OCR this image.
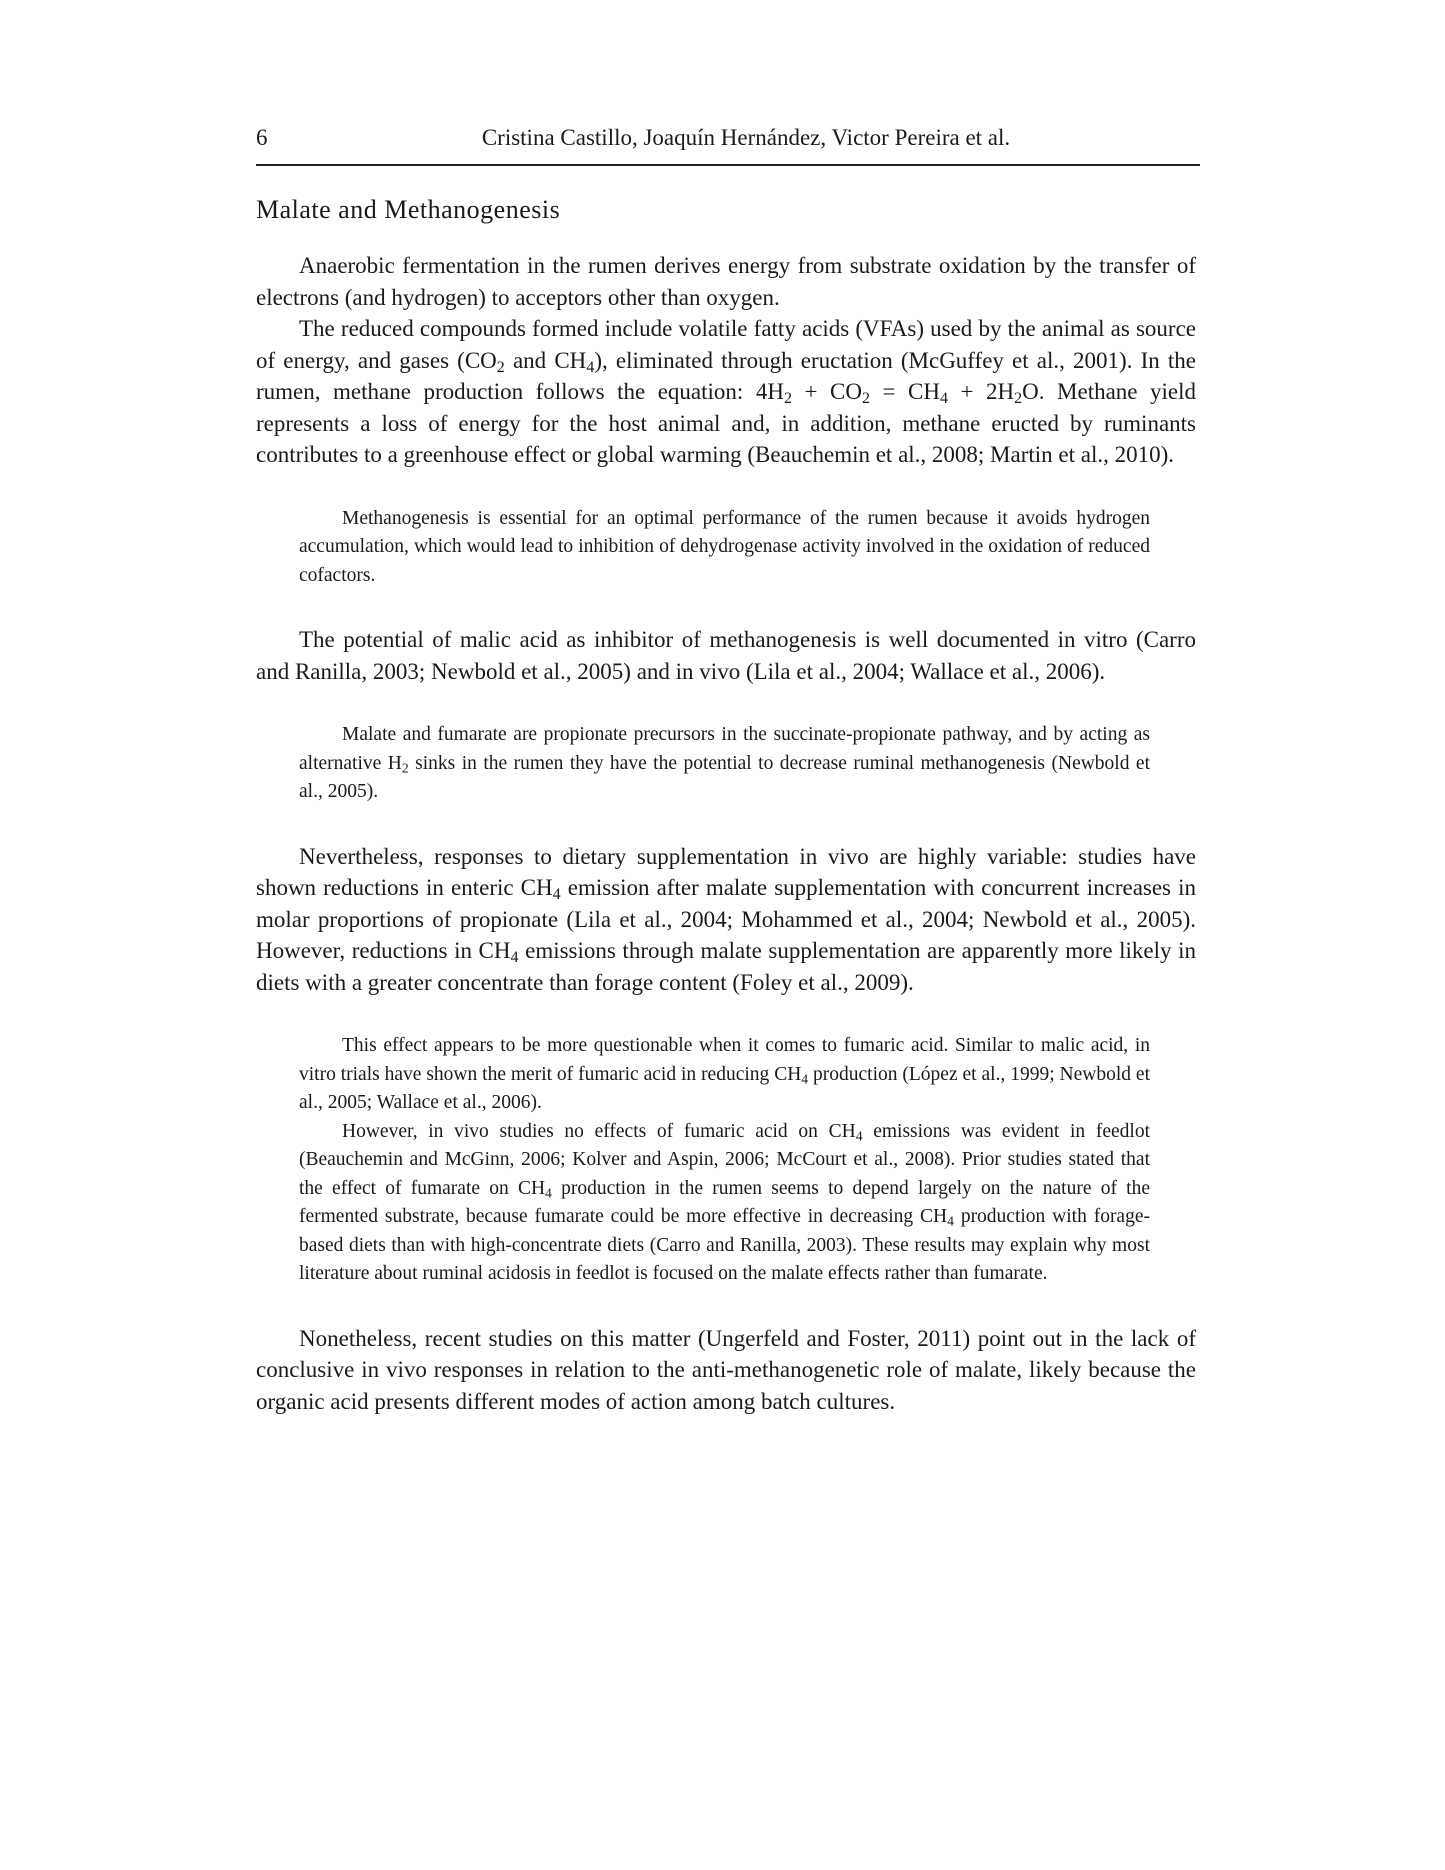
6	Cristina Castillo, Joaquín Hernández, Victor Pereira et al.
Malate and Methanogenesis

Anaerobic fermentation in the rumen derives energy from substrate oxidation by the transfer of electrons (and hydrogen) to acceptors other than oxygen.

The reduced compounds formed include volatile fatty acids (VFAs) used by the animal as source of energy, and gases ($CO_2$ and $CH_4$), eliminated through eructation (McGuffey et al., 2001). In the rumen, methane production follows the equation: $4H_2 + CO_2 = CH_4 + 2H_2O$. Methane yield represents a loss of energy for the host animal and, in addition, methane eructed by ruminants contributes to a greenhouse effect or global warming (Beauchemin et al., 2008; Martin et al., 2010).

Methanogenesis is essential for an optimal performance of the rumen because it avoids hydrogen accumulation, which would lead to inhibition of dehydrogenase activity involved in the oxidation of reduced cofactors.

The potential of malic acid as inhibitor of methanogenesis is well documented in vitro (Carro and Ranilla, 2003; Newbold et al., 2005) and in vivo (Lila et al., 2004; Wallace et al., 2006).

Malate and fumarate are propionate precursors in the succinate-propionate pathway, and by acting as alternative $H_2$ sinks in the rumen they have the potential to decrease ruminal methanogenesis (Newbold et al., 2005).

Nevertheless, responses to dietary supplementation in vivo are highly variable: studies have shown reductions in enteric $CH_4$ emission after malate supplementation with concurrent increases in molar proportions of propionate (Lila et al., 2004; Mohammed et al., 2004; Newbold et al., 2005). However, reductions in $CH_4$ emissions through malate supplementation are apparently more likely in diets with a greater concentrate than forage content (Foley et al., 2009).

This effect appears to be more questionable when it comes to fumaric acid. Similar to malic acid, in vitro trials have shown the merit of fumaric acid in reducing $CH_4$ production (López et al., 1999; Newbold et al., 2005; Wallace et al., 2006).

However, in vivo studies no effects of fumaric acid on $CH_4$ emissions was evident in feedlot (Beauchemin and McGinn, 2006; Kolver and Aspin, 2006; McCourt et al., 2008). Prior studies stated that the effect of fumarate on $CH_4$ production in the rumen seems to depend largely on the nature of the fermented substrate, because fumarate could be more effective in decreasing $CH_4$ production with forage-based diets than with high-concentrate diets (Carro and Ranilla, 2003). These results may explain why most literature about ruminal acidosis in feedlot is focused on the malate effects rather than fumarate.

Nonetheless, recent studies on this matter (Ungerfeld and Foster, 2011) point out in the lack of conclusive in vivo responses in relation to the anti-methanogenetic role of malate, likely because the organic acid presents different modes of action among batch cultures.
